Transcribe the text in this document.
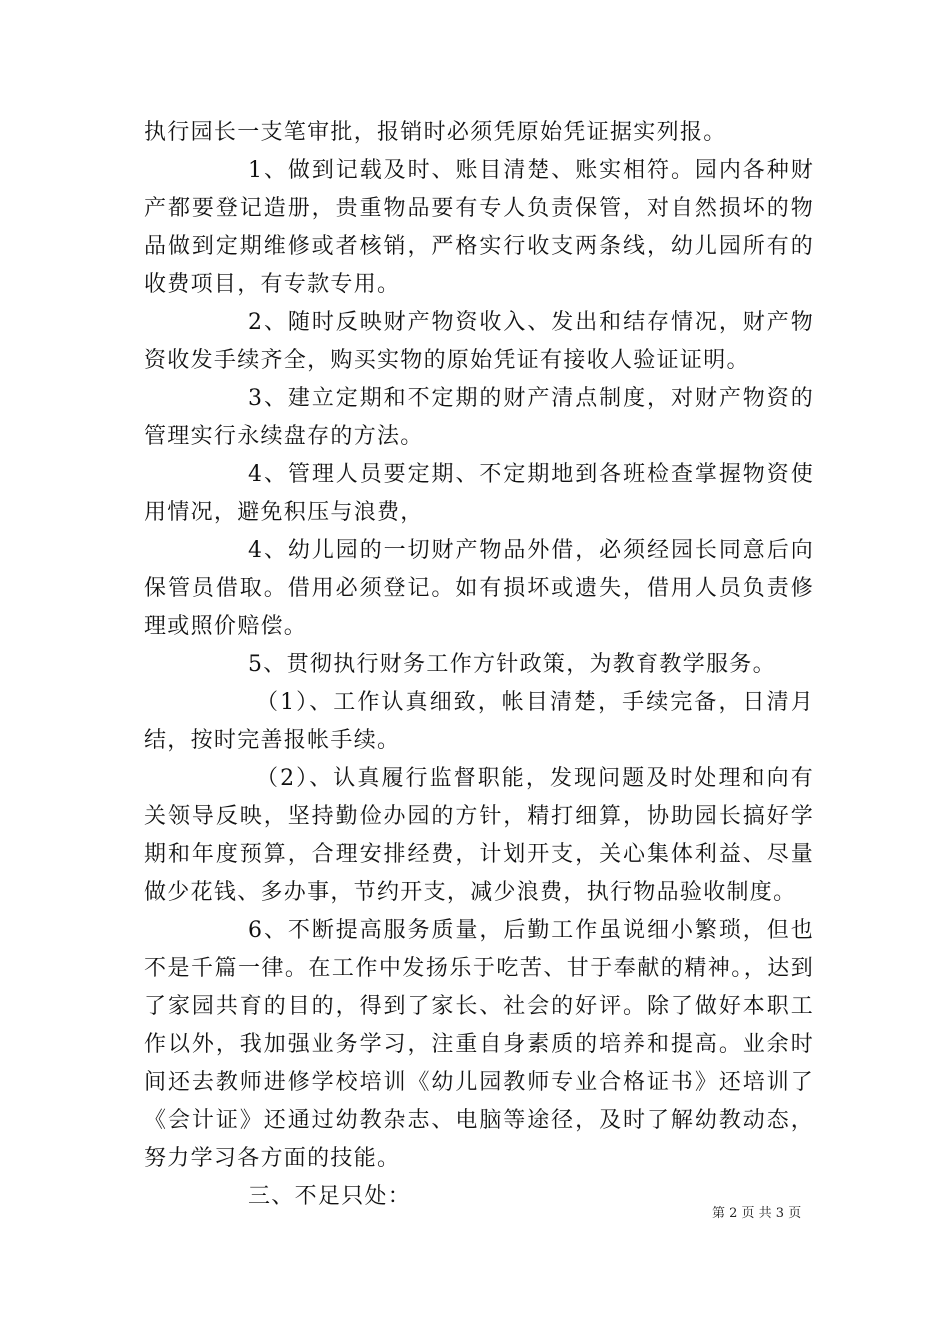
执行园长一支笔审批，报销时必须凭原始凭证据实列报。

1、做到记载及时、账目清楚、账实相符。园内各种财产都要登记造册，贵重物品要有专人负责保管，对自然损坏的物品做到定期维修或者核销，严格实行收支两条线，幼儿园所有的收费项目，有专款专用。

2、随时反映财产物资收入、发出和结存情况，财产物资收发手续齐全，购买实物的原始凭证有接收人验证证明。

3、建立定期和不定期的财产清点制度，对财产物资的管理实行永续盘存的方法。

4、管理人员要定期、不定期地到各班检查掌握物资使用情况，避免积压与浪费，

4、幼儿园的一切财产物品外借，必须经园长同意后向保管员借取。借用必须登记。如有损坏或遗失，借用人员负责修理或照价赔偿。

5、贯彻执行财务工作方针政策，为教育教学服务。

（1）、工作认真细致，帐目清楚，手续完备，日清月结，按时完善报帐手续。

（2）、认真履行监督职能，发现问题及时处理和向有关领导反映，坚持勤俭办园的方针，精打细算，协助园长搞好学期和年度预算，合理安排经费，计划开支，关心集体利益、尽量做少花钱、多办事，节约开支，减少浪费，执行物品验收制度。

6、不断提高服务质量，后勤工作虽说细小繁琐，但也不是千篇一律。在工作中发扬乐于吃苦、甘于奉献的精神。，达到了家园共育的目的，得到了家长、社会的好评。除了做好本职工作以外，我加强业务学习，注重自身素质的培养和提高。业余时间还去教师进修学校培训《幼儿园教师专业合格证书》还培训了《会计证》还通过幼教杂志、电脑等途径，及时了解幼教动态，努力学习各方面的技能。

三、不足只处：

第 2 页 共 3 页
